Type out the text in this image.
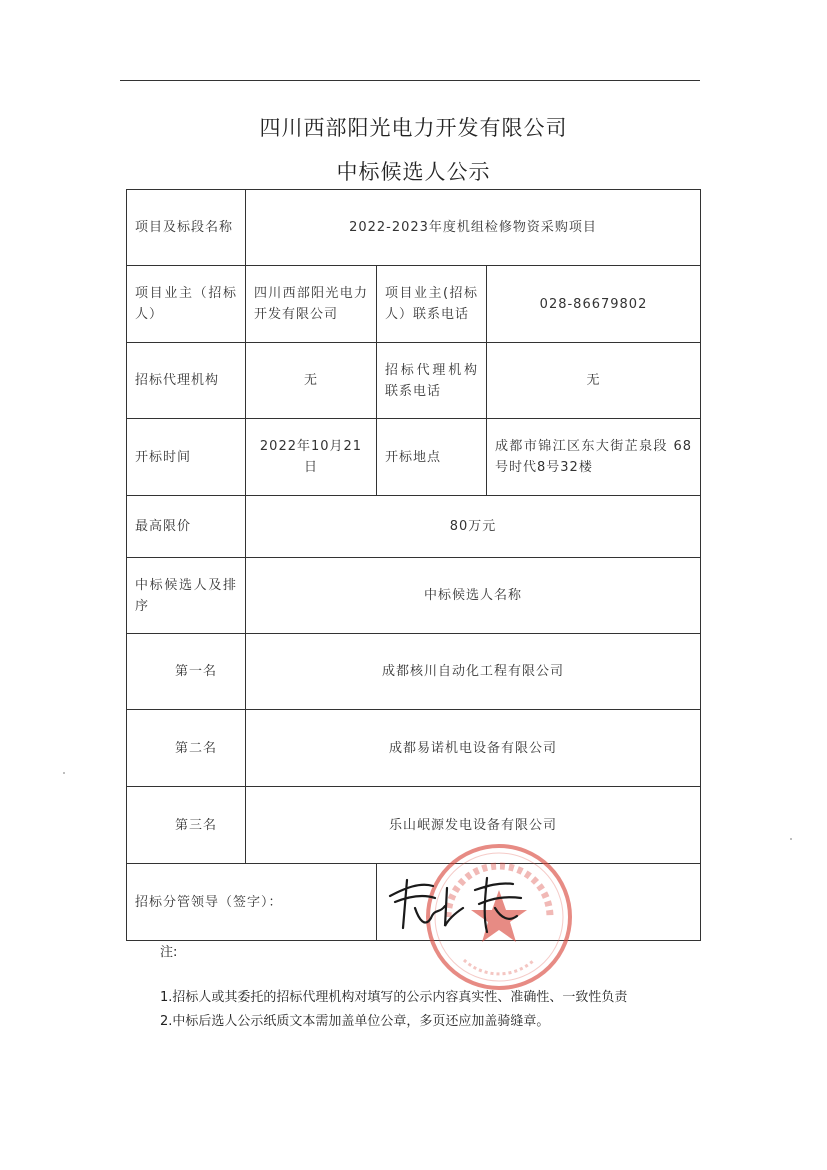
四川西部阳光电力开发有限公司
中标候选人公示
项目及标段名称	2022-2023年度机组检修物资采购项目		
项目业主（招标人）	四川西部阳光电力开发有限公司	项目业主(招标人）联系电话	028-86679802
招标代理机构	无	招标代理机构联系电话	无
开标时间	2022年10月21日	开标地点	成都市锦江区东大街芷泉段 68号时代8号32楼
最高限价	80万元		
中标候选人及排序	中标候选人名称		
第一名	成都核川自动化工程有限公司		
第二名	成都易诺机电设备有限公司		
第三名	乐山岷源发电设备有限公司		
招标分管领导（签字）：			
注:
1.招标人或其委托的招标代理机构对填写的公示内容真实性、准确性、一致性负责
2.中标后选人公示纸质文本需加盖单位公章，多页还应加盖骑缝章。
